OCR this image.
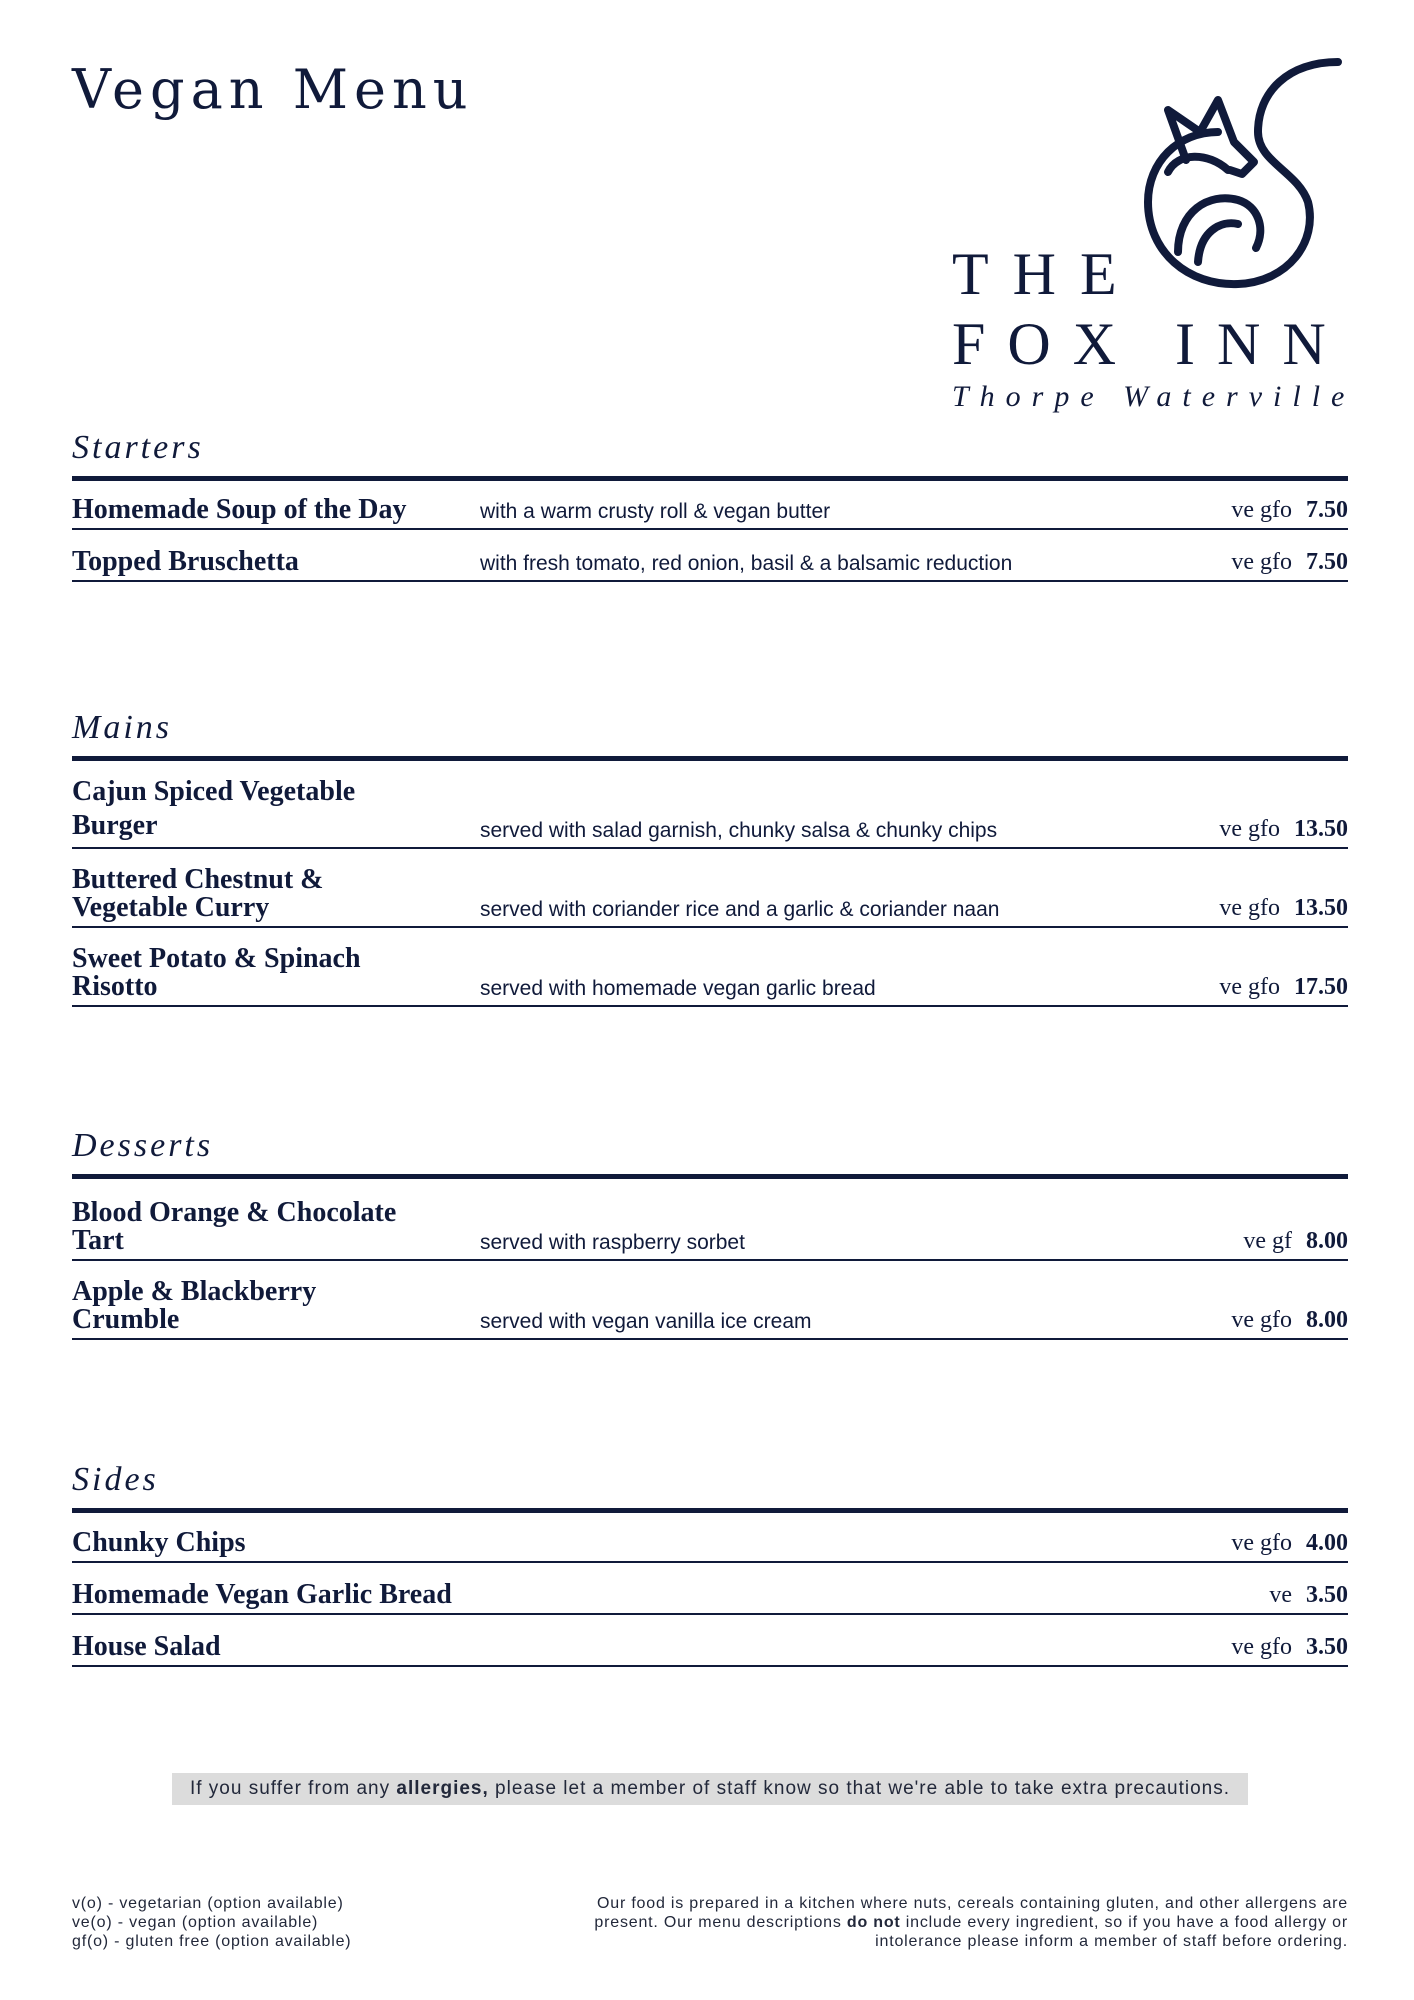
Vegan Menu
THE
FOX INN
Thorpe Waterville
Starters
Homemade Soup of the Day	with a warm crusty roll & vegan butter	ve gfo 7.50
Topped Bruschetta	with fresh tomato, red onion, basil & a balsamic reduction	ve gfo 7.50
Mains
Cajun Spiced Vegetable Burger	served with salad garnish, chunky salsa & chunky chips	ve gfo 13.50
Buttered Chestnut & Vegetable Curry	served with coriander rice and a garlic & coriander naan	ve gfo 13.50
Sweet Potato & Spinach Risotto	served with homemade vegan garlic bread	ve gfo 17.50
Desserts
Blood Orange & Chocolate Tart	served with raspberry sorbet	ve gf 8.00
Apple & Blackberry Crumble	served with vegan vanilla ice cream	ve gfo 8.00
Sides
Chunky Chips	ve gfo 4.00
Homemade Vegan Garlic Bread	ve 3.50
House Salad	ve gfo 3.50
If you suffer from any allergies, please let a member of staff know so that we're able to take extra precautions.
v(o) - vegetarian (option available)
ve(o) - vegan (option available)
gf(o) - gluten free (option available)
Our food is prepared in a kitchen where nuts, cereals containing gluten, and other allergens are present. Our menu descriptions do not include every ingredient, so if you have a food allergy or intolerance please inform a member of staff before ordering.
